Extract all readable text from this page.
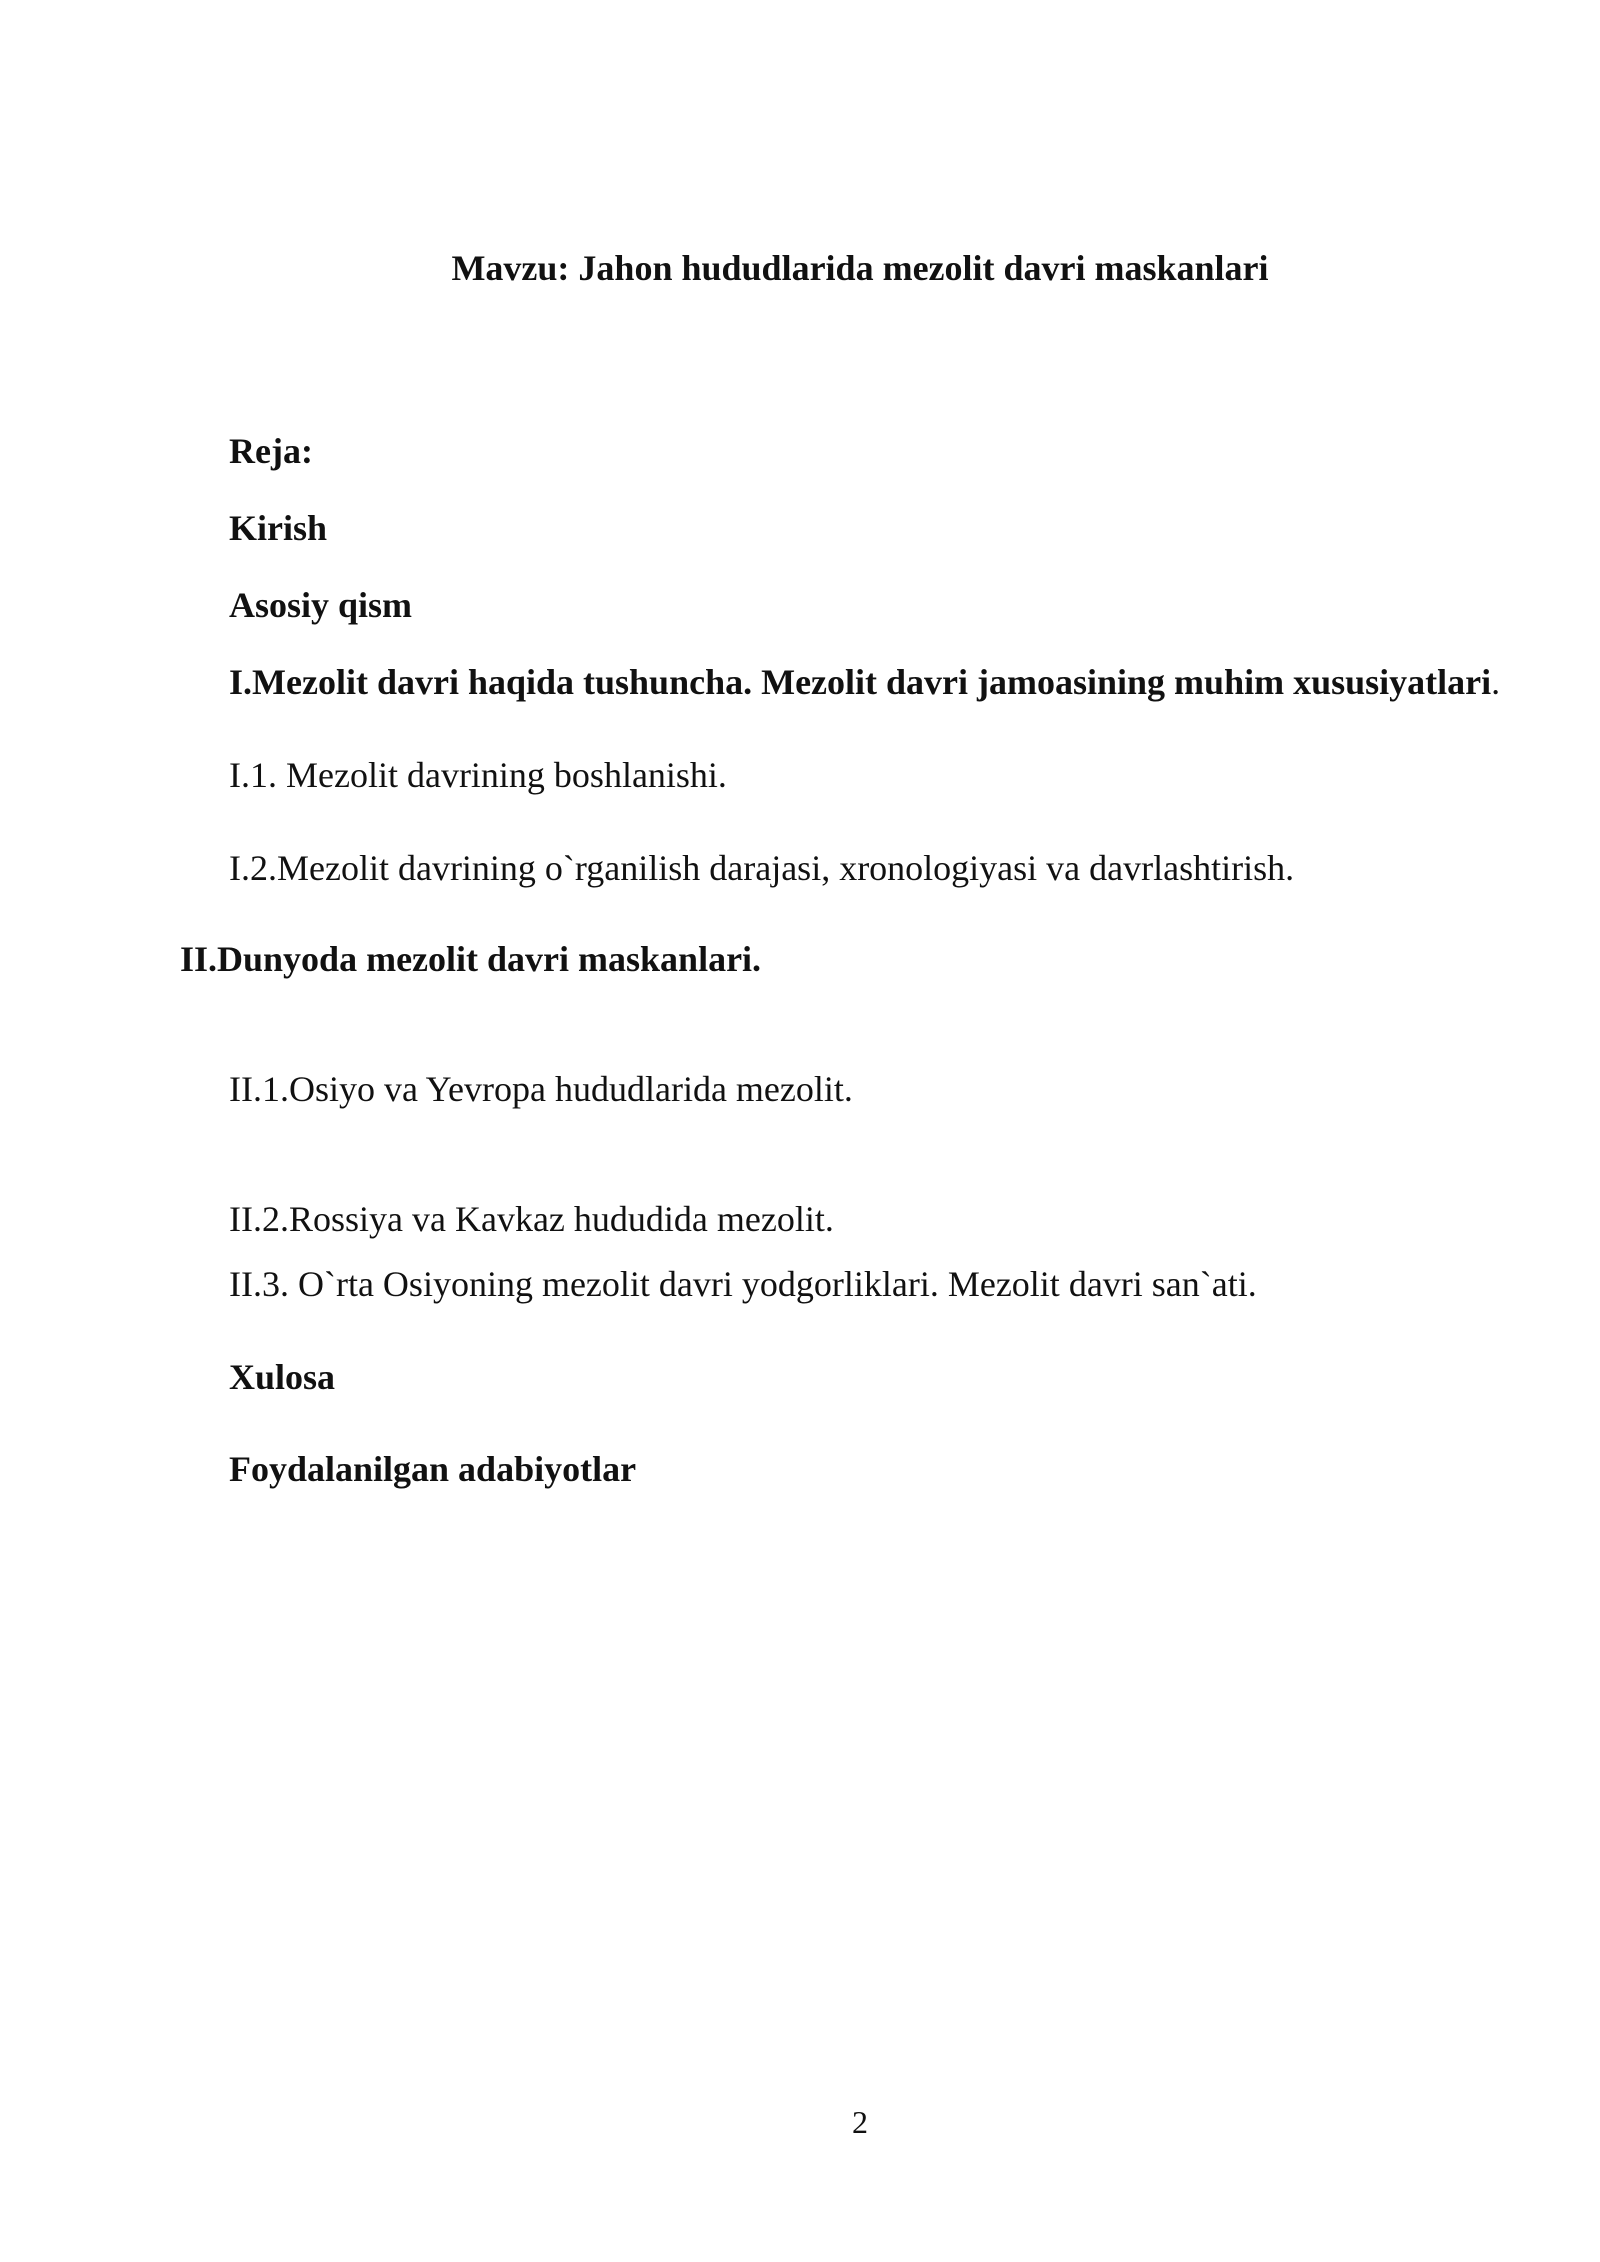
Mavzu: Jahon hududlarida mezolit davri maskanlari
Reja:
Kirish
Asosiy qism
I.Mezolit davri haqida tushuncha. Mezolit davri jamoasining muhim xususiyatlari.
I.1. Mezolit davrining boshlanishi.
I.2.Mezolit davrining o`rganilish darajasi, xronologiyasi va davrlashtirish.
II.Dunyoda mezolit davri maskanlari.
II.1.Osiyo va Yevropa hududlarida mezolit.
II.2.Rossiya va Kavkaz hududida mezolit.
II.3. O`rta Osiyoning mezolit davri yodgorliklari. Mezolit davri san`ati.
Xulosa
Foydalanilgan adabiyotlar
2
